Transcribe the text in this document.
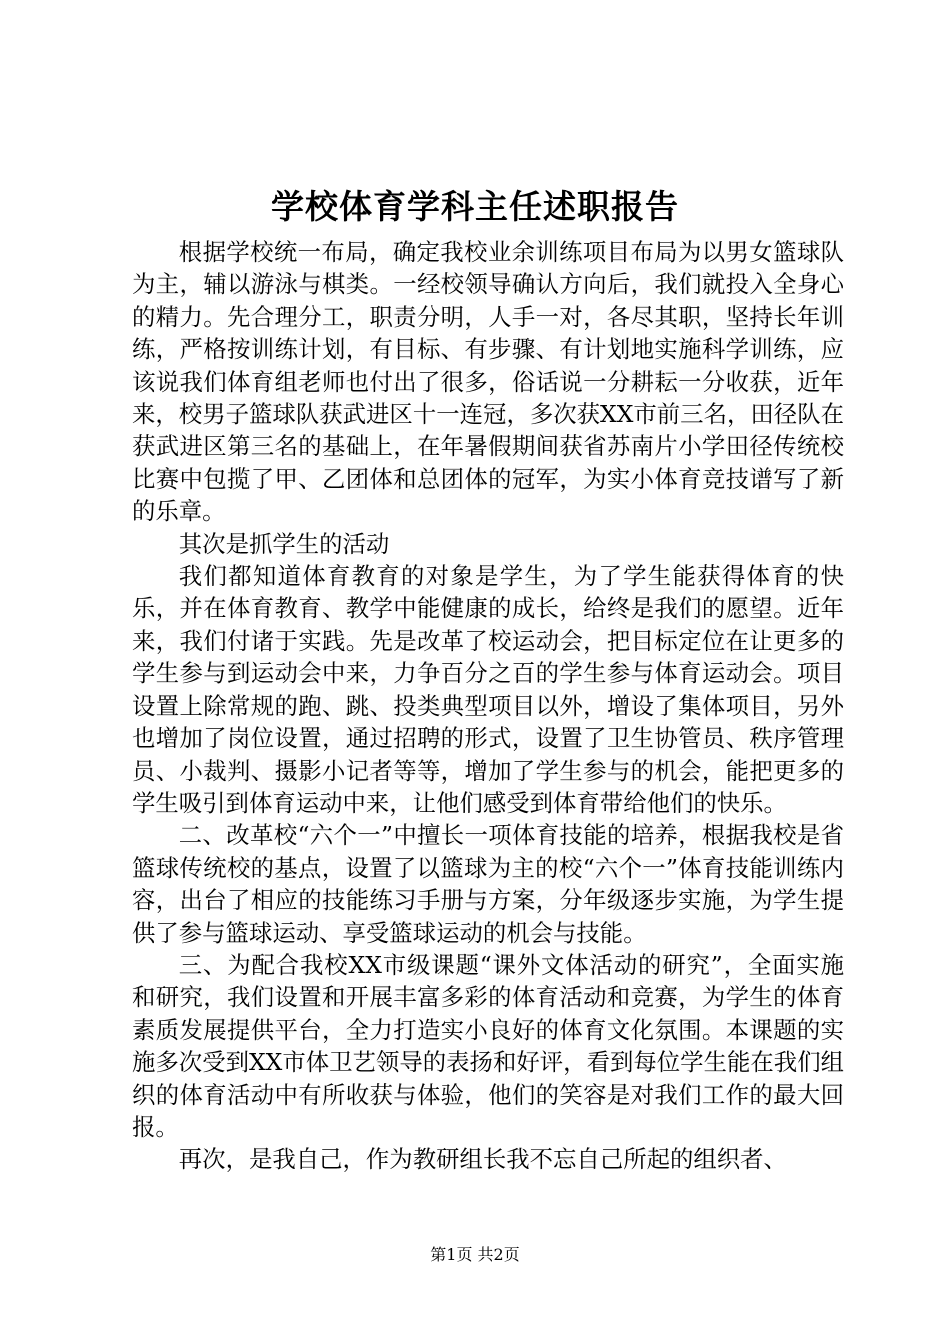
学校体育学科主任述职报告

根据学校统一布局，确定我校业余训练项目布局为以男女篮球队为主，辅以游泳与棋类。一经校领导确认方向后，我们就投入全身心的精力。先合理分工，职责分明，人手一对，各尽其职，坚持长年训练，严格按训练计划，有目标、有步骤、有计划地实施科学训练，应该说我们体育组老师也付出了很多，俗话说一分耕耘一分收获，近年来，校男子篮球队获武进区十一连冠，多次获XX市前三名，田径队在获武进区第三名的基础上，在年暑假期间获省苏南片小学田径传统校比赛中包揽了甲、乙团体和总团体的冠军，为实小体育竞技谱写了新的乐章。

其次是抓学生的活动

我们都知道体育教育的对象是学生，为了学生能获得体育的快乐，并在体育教育、教学中能健康的成长，给终是我们的愿望。近年来，我们付诸于实践。先是改革了校运动会，把目标定位在让更多的学生参与到运动会中来，力争百分之百的学生参与体育运动会。项目设置上除常规的跑、跳、投类典型项目以外，增设了集体项目，另外也增加了岗位设置，通过招聘的形式，设置了卫生协管员、秩序管理员、小裁判、摄影小记者等等，增加了学生参与的机会，能把更多的学生吸引到体育运动中来，让他们感受到体育带给他们的快乐。

二、改革校“六个一”中擅长一项体育技能的培养，根据我校是省篮球传统校的基点，设置了以篮球为主的校“六个一”体育技能训练内容，出台了相应的技能练习手册与方案，分年级逐步实施，为学生提供了参与篮球运动、享受篮球运动的机会与技能。

三、为配合我校XX市级课题“课外文体活动的研究”，全面实施和研究，我们设置和开展丰富多彩的体育活动和竞赛，为学生的体育素质发展提供平台，全力打造实小良好的体育文化氛围。本课题的实施多次受到XX市体卫艺领导的表扬和好评，看到每位学生能在我们组织的体育活动中有所收获与体验，他们的笑容是对我们工作的最大回报。

再次，是我自己，作为教研组长我不忘自己所起的组织者、

第1页 共2页
